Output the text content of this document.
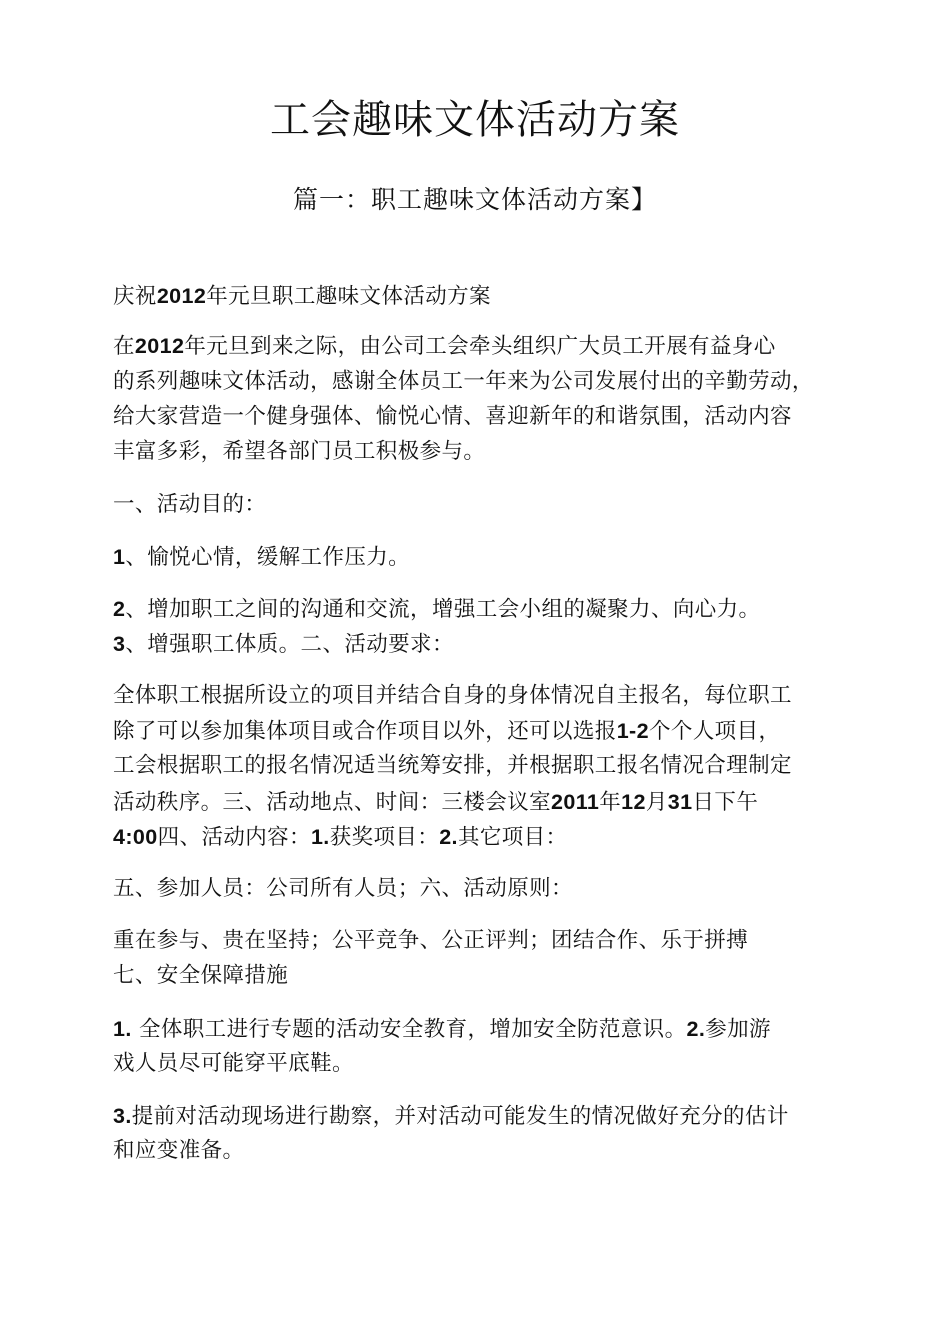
工会趣味文体活动方案
篇一：职工趣味文体活动方案】

庆祝2012年元旦职工趣味文体活动方案

在2012年元旦到来之际，由公司工会牵头组织广大员工开展有益身心

的系列趣味文体活动，感谢全体员工一年来为公司发展付出的辛勤劳动，

给大家营造一个健身强体、愉悦心情、喜迎新年的和谐氛围，活动内容

丰富多彩，希望各部门员工积极参与。

一、活动目的：

1、愉悦心情，缓解工作压力。

2、增加职工之间的沟通和交流，增强工会小组的凝聚力、向心力。

3、增强职工体质。二、活动要求：

全体职工根据所设立的项目并结合自身的身体情况自主报名，每位职工

除了可以参加集体项目或合作项目以外，还可以选报1-2个个人项目，

工会根据职工的报名情况适当统筹安排，并根据职工报名情况合理制定

活动秩序。三、活动地点、时间：三楼会议室2011年12月31日下午

4:00四、活动内容：1.获奖项目：2.其它项目：

五、参加人员：公司所有人员；六、活动原则：

重在参与、贵在坚持；公平竞争、公正评判；团结合作、乐于拼搏

七、安全保障措施

1. 全体职工进行专题的活动安全教育，增加安全防范意识。2.参加游

戏人员尽可能穿平底鞋。

3.提前对活动现场进行勘察，并对活动可能发生的情况做好充分的估计

和应变准备。
